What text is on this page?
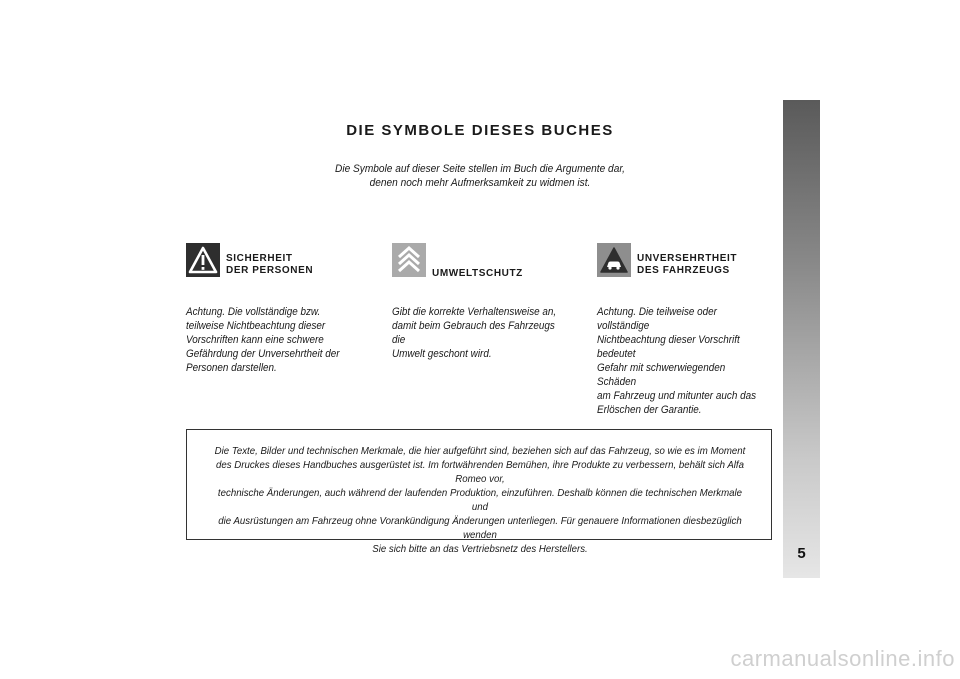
5
DIE SYMBOLE DIESES BUCHES
Die Symbole auf dieser Seite stellen im Buch die Argumente dar,
denen noch mehr Aufmerksamkeit zu widmen ist.
SICHERHEIT
DER PERSONEN
Achtung. Die vollständige bzw.
teilweise Nichtbeachtung dieser
Vorschriften kann eine schwere
Gefährdung der Unversehrtheit der
Personen darstellen.
UMWELTSCHUTZ
Gibt die korrekte Verhaltensweise an,
damit beim Gebrauch des Fahrzeugs die
Umwelt geschont wird.
UNVERSEHRTHEIT
DES FAHRZEUGS
Achtung. Die teilweise oder vollständige
Nichtbeachtung dieser Vorschrift bedeutet
Gefahr mit schwerwiegenden Schäden
am Fahrzeug und mitunter auch das
Erlöschen der Garantie.
Die Texte, Bilder und technischen Merkmale, die hier aufgeführt sind, beziehen sich auf das Fahrzeug, so wie es im Moment
des Druckes dieses Handbuches ausgerüstet ist. Im fortwährenden Bemühen, ihre Produkte zu verbessern, behält sich Alfa Romeo vor,
technische Änderungen, auch während der laufenden Produktion, einzuführen. Deshalb können die technischen Merkmale und
die Ausrüstungen am Fahrzeug ohne Vorankündigung Änderungen unterliegen. Für genauere Informationen diesbezüglich wenden
Sie sich bitte an das Vertriebsnetz des Herstellers.
carmanualsonline.info
